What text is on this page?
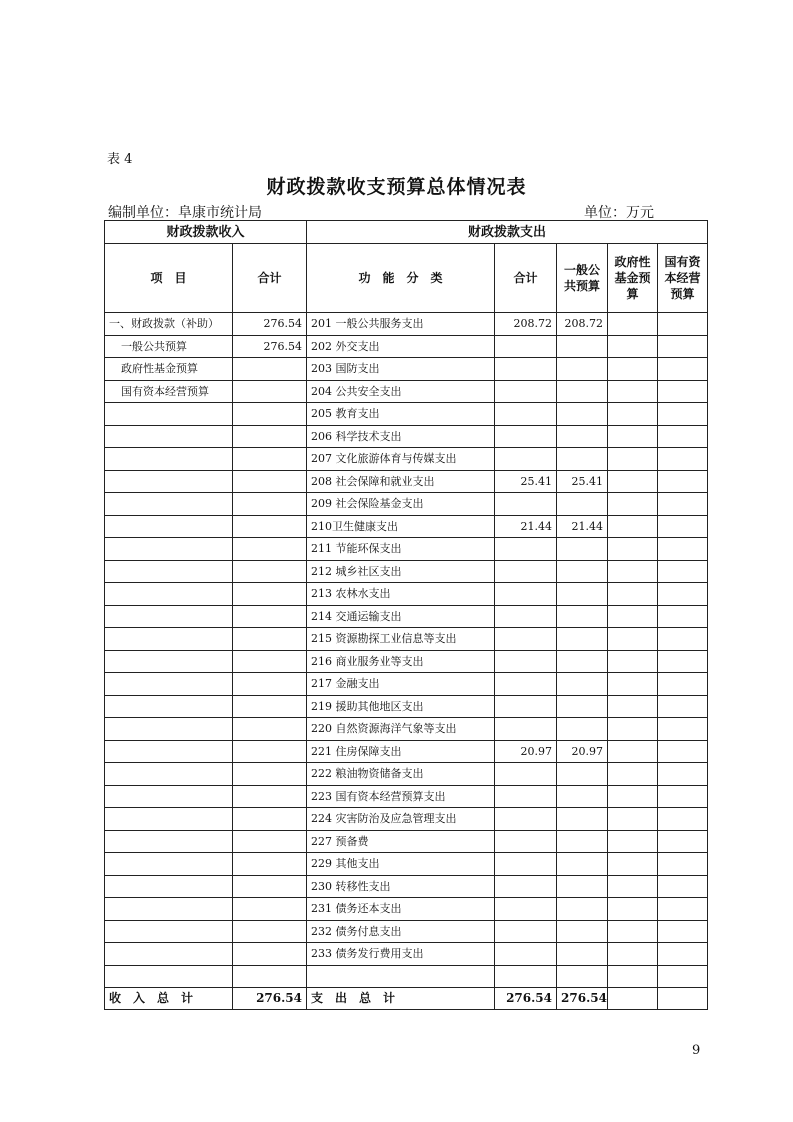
表 4
财政拨款收支预算总体情况表
编制单位：阜康市统计局	单位：万元
财政拨款收入		财政拨款支出				
项　目	合计	功　能　分　类	合计	一般公共预算	政府性基金预算	国有资本经营预算
一、财政拨款（补助）	276.54	201 一般公共服务支出	208.72	208.72		
一般公共预算	276.54	202 外交支出				
政府性基金预算		203 国防支出				
国有资本经营预算		204 公共安全支出				
		205 教育支出				
		206 科学技术支出				
		207 文化旅游体育与传媒支出				
		208 社会保障和就业支出	25.41	25.41		
		209 社会保险基金支出				
		210卫生健康支出	21.44	21.44		
		211 节能环保支出				
		212 城乡社区支出				
		213 农林水支出				
		214 交通运输支出				
		215 资源勘探工业信息等支出				
		216 商业服务业等支出				
		217 金融支出				
		219 援助其他地区支出				
		220 自然资源海洋气象等支出				
		221 住房保障支出	20.97	20.97		
		222 粮油物资储备支出				
		223 国有资本经营预算支出				
		224 灾害防治及应急管理支出				
		227 预备费				
		229 其他支出				
		230 转移性支出				
		231 债务还本支出				
		232 债务付息支出				
		233 债务发行费用支出				

收　入　总　计	276.54	支　出　总　计	276.54	276.54		
9
